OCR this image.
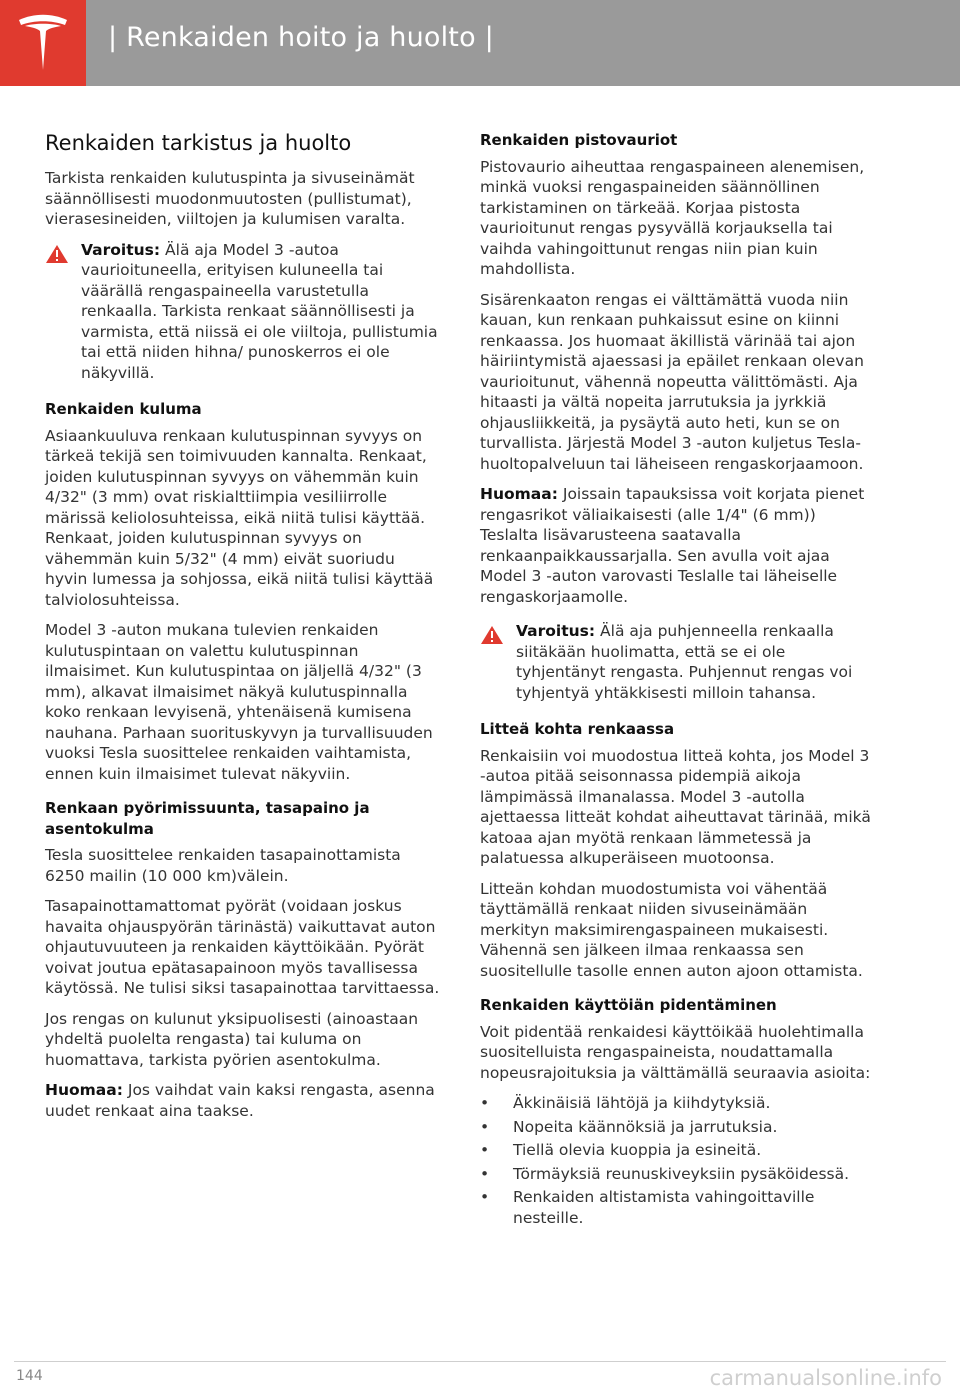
| Renkaiden hoito ja huolto |
Renkaiden tarkistus ja huolto

Tarkista renkaiden kulutuspinta ja sivuseinämät säännöllisesti muodonmuutosten (pullistumat), vierasesineiden, viiltojen ja kulumisen varalta.

Varoitus: Älä aja Model 3 -autoa vaurioituneella, erityisen kuluneella tai väärällä rengaspaineella varustetulla renkaalla. Tarkista renkaat säännöllisesti ja varmista, että niissä ei ole viiltoja, pullistumia tai että niiden hihna/ punoskerros ei ole näkyvillä.
Renkaiden kuluma

Asiaankuuluva renkaan kulutuspinnan syvyys on tärkeä tekijä sen toimivuuden kannalta. Renkaat, joiden kulutuspinnan syvyys on vähemmän kuin 4/32" (3 mm) ovat riskialttiimpia vesiliirrolle märissä keliolosuhteissa, eikä niitä tulisi käyttää. Renkaat, joiden kulutuspinnan syvyys on vähemmän kuin 5/32" (4 mm) eivät suoriudu hyvin lumessa ja sohjossa, eikä niitä tulisi käyttää talviolosuhteissa.

Model 3 -auton mukana tulevien renkaiden kulutuspintaan on valettu kulutuspinnan ilmaisimet. Kun kulutuspintaa on jäljellä 4/32" (3 mm), alkavat ilmaisimet näkyä kulutuspinnalla koko renkaan levyisenä, yhtenäisenä kumisena nauhana. Parhaan suorituskyvyn ja turvallisuuden vuoksi Tesla suosittelee renkaiden vaihtamista, ennen kuin ilmaisimet tulevat näkyviin.

Renkaan pyörimissuunta, tasapaino ja asentokulma

Tesla suosittelee renkaiden tasapainottamista 6250 mailin (10 000 km)välein.

Tasapainottamattomat pyörät (voidaan joskus havaita ohjauspyörän tärinästä) vaikuttavat auton ohjautuvuuteen ja renkaiden käyttöikään. Pyörät voivat joutua epätasapainoon myös tavallisessa käytössä. Ne tulisi siksi tasapainottaa tarvittaessa.

Jos rengas on kulunut yksipuolisesti (ainoastaan yhdeltä puolelta rengasta) tai kuluma on huomattava, tarkista pyörien asentokulma.

Huomaa: Jos vaihdat vain kaksi rengasta, asenna uudet renkaat aina taakse.

Renkaiden pistovauriot

Pistovaurio aiheuttaa rengaspaineen alenemisen, minkä vuoksi rengaspaineiden säännöllinen tarkistaminen on tärkeää. Korjaa pistosta vaurioitunut rengas pysyvällä korjauksella tai vaihda vahingoittunut rengas niin pian kuin mahdollista.

Sisärenkaaton rengas ei välttämättä vuoda niin kauan, kun renkaan puhkaissut esine on kiinni renkaassa. Jos huomaat äkillistä värinää tai ajon häiriintymistä ajaessasi ja epäilet renkaan olevan vaurioitunut, vähennä nopeutta välittömästi. Aja hitaasti ja vältä nopeita jarrutuksia ja jyrkkiä ohjausliikkeitä, ja pysäytä auto heti, kun se on turvallista. Järjestä Model 3 -auton kuljetus Tesla-huoltopalveluun tai läheiseen rengaskorjaamoon.

Huomaa: Joissain tapauksissa voit korjata pienet rengasrikot väliaikaisesti (alle 1/4" (6 mm)) Teslalta lisävarusteena saatavalla renkaanpaikkaussarjalla. Sen avulla voit ajaa Model 3 -auton varovasti Teslalle tai läheiselle rengaskorjaamolle.

Varoitus: Älä aja puhjenneella renkaalla siitäkään huolimatta, että se ei ole tyhjentänyt rengasta. Puhjennut rengas voi tyhjentyä yhtäkkisesti milloin tahansa.
Litteä kohta renkaassa

Renkaisiin voi muodostua litteä kohta, jos Model 3 -autoa pitää seisonnassa pidempiä aikoja lämpimässä ilmanalassa. Model 3 -autolla ajettaessa litteät kohdat aiheuttavat tärinää, mikä katoaa ajan myötä renkaan lämmetessä ja palatuessa alkuperäiseen muotoonsa.

Litteän kohdan muodostumista voi vähentää täyttämällä renkaat niiden sivuseinämään merkityn maksimirengaspaineen mukaisesti. Vähennä sen jälkeen ilmaa renkaassa sen suositellulle tasolle ennen auton ajoon ottamista.

Renkaiden käyttöiän pidentäminen

Voit pidentää renkaidesi käyttöikää huolehtimalla suositelluista rengaspaineista, noudattamalla nopeusrajoituksia ja välttämällä seuraavia asioita:

•	Äkkinäisiä lähtöjä ja kiihdytyksiä.
•	Nopeita käännöksiä ja jarrutuksia.
•	Tiellä olevia kuoppia ja esineitä.
•	Törmäyksiä reunuskiveyksiin pysäköidessä.
•	Renkaiden altistamista vahingoittaville nesteille.
144	carmanualsonline.info
